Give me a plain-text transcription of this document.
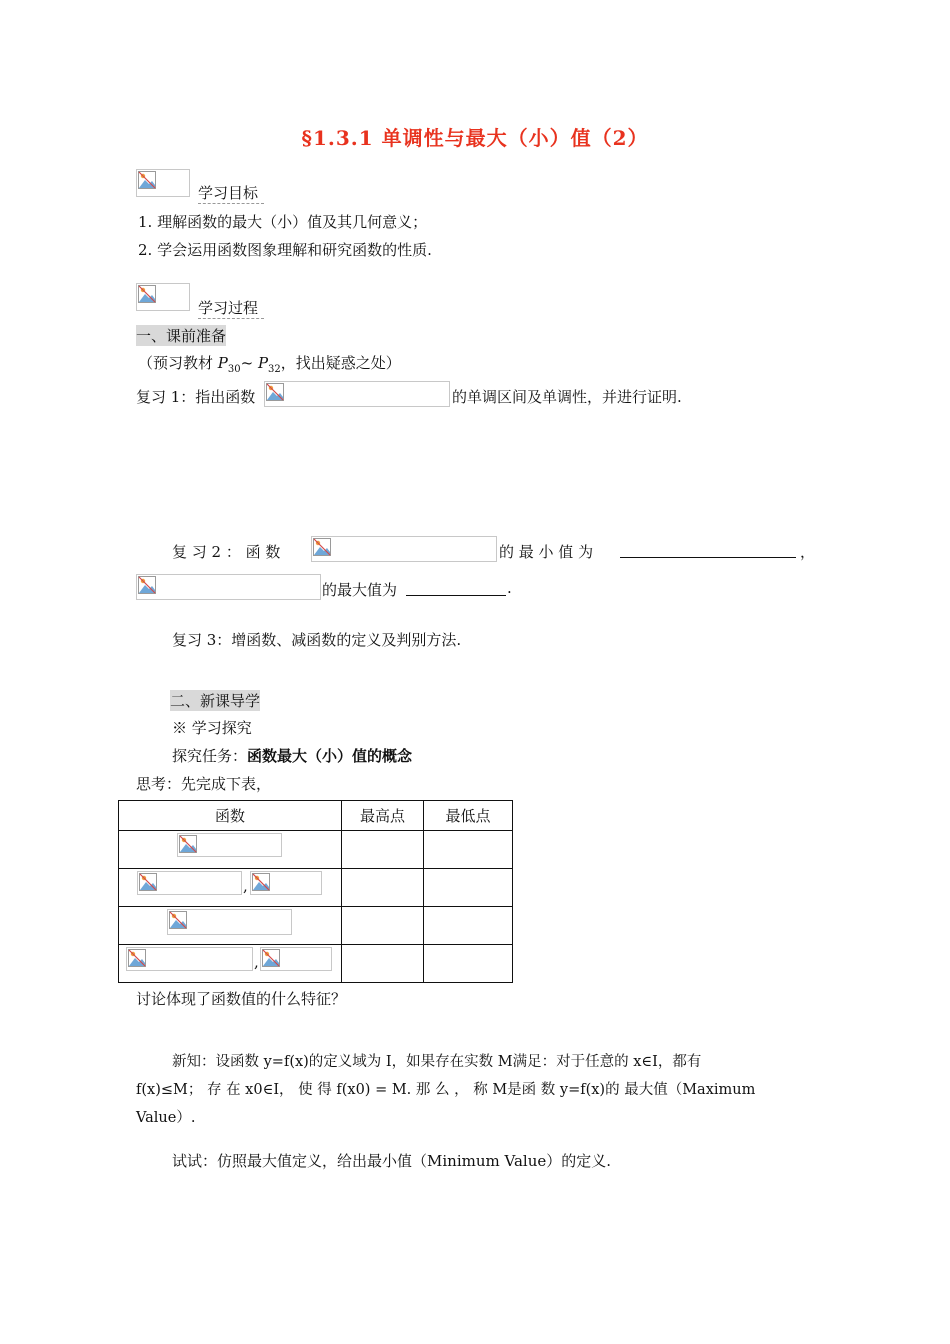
§1.3.1 单调性与最大（小）值（2）
学习目标
1. 理解函数的最大（小）值及其几何意义；
2. 学会运用函数图象理解和研究函数的性质.
学习过程
一、课前准备
（预习教材 $P_{30}\sim$ $P_{32}$，找出疑惑之处）
复习 1：指出函数	的单调区间及单调性，并进行证明.
复 习 2 ： 函 数	的 最 小 值 为	，
的最大值为	.
复习 3：增函数、减函数的定义及判别方法.
二、新课导学
※ 学习探究
探究任务：函数最大（小）值的概念
思考：先完成下表，
函数	最高点	最低点

,		

,		

讨论体现了函数值的什么特征？
新知：设函数 y=f(x)的定义域为 I，如果存在实数 M满足：对于任意的 x∈I，都有
f(x)≤M； 存 在 x0∈I， 使 得 f(x0) = M. 那 么 ， 称 M是函 数 y=f(x)的 最大值（Maximum
Value）.
试试：仿照最大值定义，给出最小值（Minimum Value）的定义.
